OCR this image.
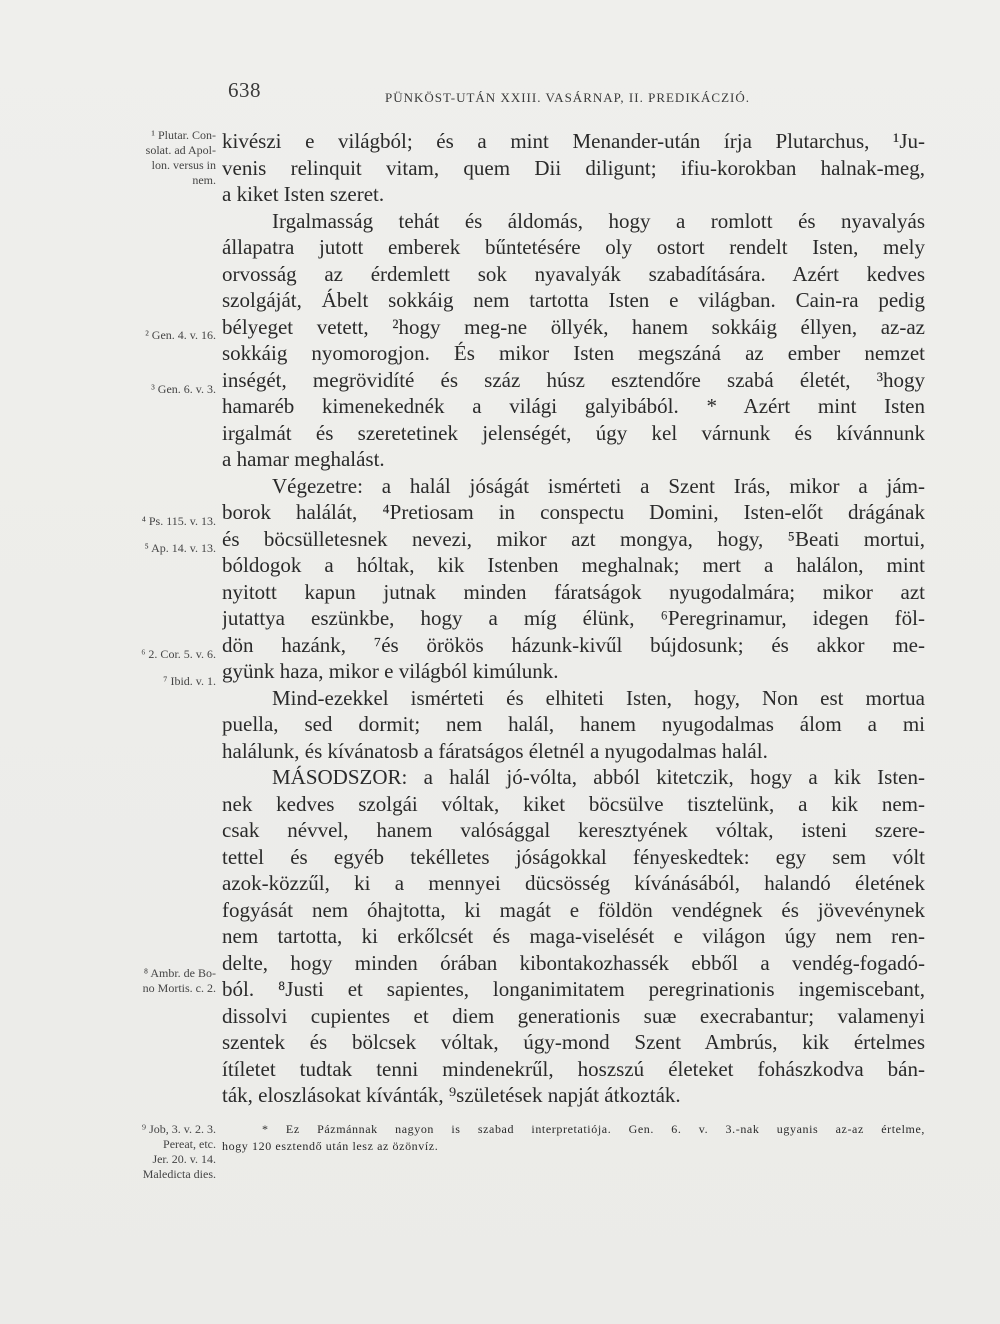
638	PÜNKÖST-UTÁN XXIII. VASÁRNAP, II. PREDIKÁCZIÓ.
¹ Plutar. Con-
solat. ad Apol-
lon. versus in
nem.
² Gen. 4. v. 16.
³ Gen. 6. v. 3.
⁴ Ps. 115. v. 13.
⁵ Ap. 14. v. 13.
⁶ 2. Cor. 5. v. 6.
⁷ Ibid. v. 1.
⁸ Ambr. de Bo-
no Mortis. c. 2.
⁹ Job, 3. v. 2. 3.
Pereat, etc.
Jer. 20. v. 14.
Maledicta dies.
kivészi e világból; és a mint Menander-után írja Plutarchus, ¹Ju-
venis relinquit vitam, quem Dii diligunt; ifiu-korokban halnak-meg,
a kiket Isten szeret.
Irgalmasság tehát és áldomás, hogy a romlott és nyavalyás
állapatra jutott emberek bűntetésére oly ostort rendelt Isten, mely
orvosság az érdemlett sok nyavalyák szabadítására. Azért kedves
szolgáját, Ábelt sokkáig nem tartotta Isten e világban. Cain-ra pedig
bélyeget vetett, ²hogy meg-ne öllyék, hanem sokkáig éllyen, az-az
sokkáig nyomorogjon. És mikor Isten megszáná az ember nemzet
inségét, megrövidíté és száz húsz esztendőre szabá életét, ³hogy
hamaréb kimenekednék a világi galyibából. * Azért mint Isten
irgalmát és szeretetinek jelenségét, úgy kel várnunk és kívánnunk
a hamar meghalást.
Végezetre: a halál jóságát ismérteti a Szent Irás, mikor a jám-
borok halálát, ⁴Pretiosam in conspectu Domini, Isten-előt drágának
és böcsülletesnek nevezi, mikor azt mongya, hogy, ⁵Beati mortui,
bóldogok a hóltak, kik Istenben meghalnak; mert a halálon, mint
nyitott kapun jutnak minden fáratságok nyugodalmára; mikor azt
jutattya eszünkbe, hogy a míg élünk, ⁶Peregrinamur, idegen föl-
dön hazánk, ⁷és örökös házunk-kivűl bújdosunk; és akkor me-
gyünk haza, mikor e világból kimúlunk.
Mind-ezekkel ismérteti és elhiteti Isten, hogy, Non est mortua
puella, sed dormit; nem halál, hanem nyugodalmas álom a mi
halálunk, és kívánatosb a fáratságos életnél a nyugodalmas halál.
MÁSODSZOR: a halál jó-vólta, abból kitetczik, hogy a kik Isten-
nek kedves szolgái vóltak, kiket böcsülve tisztelünk, a kik nem-
csak névvel, hanem valósággal keresztyének vóltak, isteni szere-
tettel és egyéb tekélletes jóságokkal fényeskedtek: egy sem vólt
azok-közzűl, ki a mennyei dücsösség kívánásából, halandó életének
fogyását nem óhajtotta, ki magát e földön vendégnek és jövevénynek
nem tartotta, ki erkőlcsét és maga-viselését e világon úgy nem ren-
delte, hogy minden órában kibontakozhassék ebből a vendég-fogadó-
ból. ⁸Justi et sapientes, longanimitatem peregrinationis ingemiscebant,
dissolvi cupientes et diem generationis suæ execrabantur; valamenyi
szentek és bölcsek vóltak, úgy-mond Szent Ambrús, kik értelmes
ítíletet tudtak tenni mindenekrűl, hoszszú életeket fohászkodva bán-
ták, eloszlásokat kívánták, ⁹születések napját átkozták.
* Ez Pázmánnak nagyon is szabad interpretatiója. Gen. 6. v. 3.-nak ugyanis az-az értelme,
hogy 120 esztendő után lesz az özönvíz.
